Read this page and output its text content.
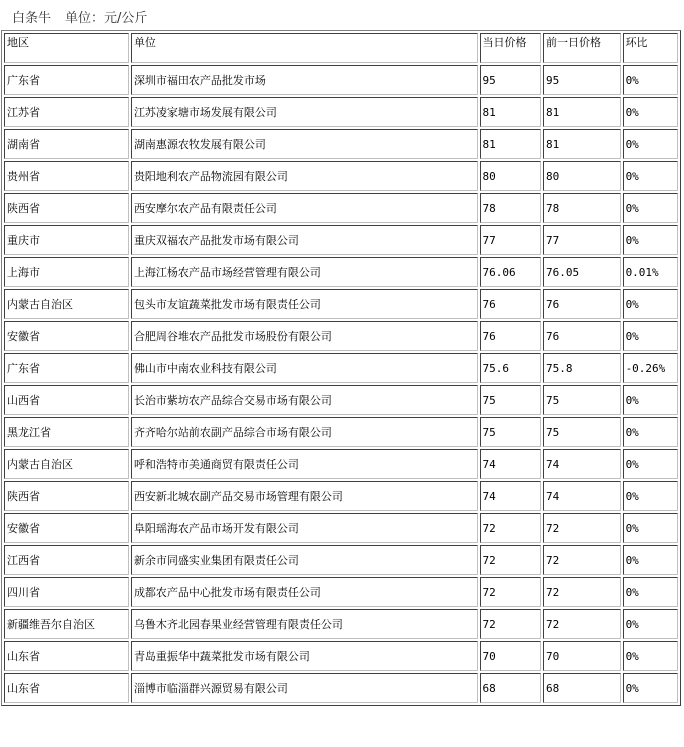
白条牛 单位：元/公斤
地区	单位	当日价格	前一日价格	环比
广东省	深圳市福田农产品批发市场	95	95	0%
江苏省	江苏凌家塘市场发展有限公司	81	81	0%
湖南省	湖南惠源农牧发展有限公司	81	81	0%
贵州省	贵阳地利农产品物流园有限公司	80	80	0%
陕西省	西安摩尔农产品有限责任公司	78	78	0%
重庆市	重庆双福农产品批发市场有限公司	77	77	0%
上海市	上海江杨农产品市场经营管理有限公司	76.06	76.05	0.01%
内蒙古自治区	包头市友谊蔬菜批发市场有限责任公司	76	76	0%
安徽省	合肥周谷堆农产品批发市场股份有限公司	76	76	0%
广东省	佛山市中南农业科技有限公司	75.6	75.8	-0.26%
山西省	长治市紫坊农产品综合交易市场有限公司	75	75	0%
黑龙江省	齐齐哈尔站前农副产品综合市场有限公司	75	75	0%
内蒙古自治区	呼和浩特市美通商贸有限责任公司	74	74	0%
陕西省	西安新北城农副产品交易市场管理有限公司	74	74	0%
安徽省	阜阳瑶海农产品市场开发有限公司	72	72	0%
江西省	新余市同盛实业集团有限责任公司	72	72	0%
四川省	成都农产品中心批发市场有限责任公司	72	72	0%
新疆维吾尔自治区	乌鲁木齐北园春果业经营管理有限责任公司	72	72	0%
山东省	青岛重振华中蔬菜批发市场有限公司	70	70	0%
山东省	淄博市临淄群兴源贸易有限公司	68	68	0%
